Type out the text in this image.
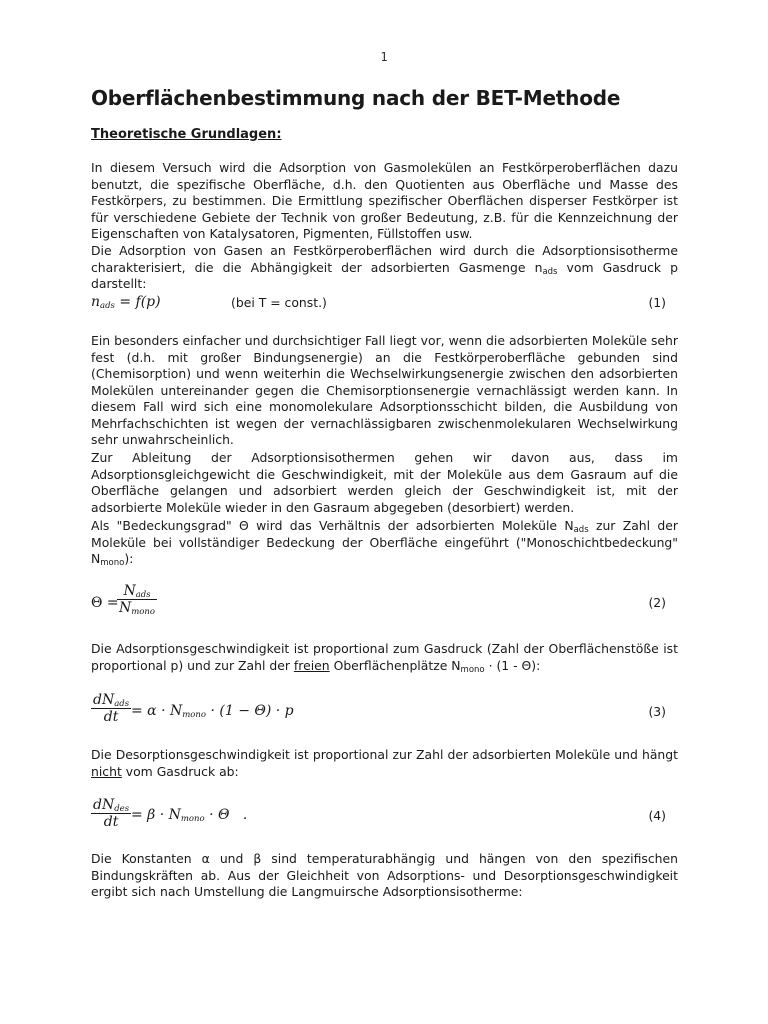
1
Oberflächenbestimmung nach der BET-Methode
Theoretische Grundlagen:

In diesem Versuch wird die Adsorption von Gasmolekülen an Festkörperoberflächen dazu benutzt, die spezifische Oberfläche, d.h. den Quotienten aus Oberfläche und Masse des Festkörpers, zu bestimmen. Die Ermittlung spezifischer Oberflächen disperser Festkörper ist für verschiedene Gebiete der Technik von großer Bedeutung, z.B. für die Kennzeichnung der Eigenschaften von Katalysatoren, Pigmenten, Füllstoffen usw.

Die Adsorption von Gasen an Festkörperoberflächen wird durch die Adsorptionsisotherme charakterisiert, die die Abhängigkeit der adsorbierten Gasmenge $n_{ads}$ vom Gasdruck p darstellt:

$n_{ads} = f(p)$	(bei T = const.)	(1)

Ein besonders einfacher und durchsichtiger Fall liegt vor, wenn die adsorbierten Moleküle sehr fest (d.h. mit großer Bindungsenergie) an die Festkörperoberfläche gebunden sind (Chemisorption) und wenn weiterhin die Wechselwirkungsenergie zwischen den adsorbierten Molekülen untereinander gegen die Chemisorptionsenergie vernachlässigt werden kann. In diesem Fall wird sich eine monomolekulare Adsorptionsschicht bilden, die Ausbildung von Mehrfachschichten ist wegen der vernachlässigbaren zwischenmolekularen Wechselwirkung sehr unwahrscheinlich.

Zur Ableitung der Adsorptionsisothermen gehen wir davon aus, dass im Adsorptionsgleichgewicht die Geschwindigkeit, mit der Moleküle aus dem Gasraum auf die Oberfläche gelangen und adsorbiert werden gleich der Geschwindigkeit ist, mit der adsorbierte Moleküle wieder in den Gasraum abgegeben (desorbiert) werden.

Als "Bedeckungsgrad" Θ wird das Verhältnis der adsorbierten Moleküle $N_{ads}$ zur Zahl der Moleküle bei vollständiger Bedeckung der Oberfläche eingeführt ("Monoschichtbedeckung" $N_{mono}$):

Θ =
$N_{ads}$
$N_{mono}$
(2)

Die Adsorptionsgeschwindigkeit ist proportional zum Gasdruck (Zahl der Oberflächenstöße ist proportional p) und zur Zahl der freien Oberflächenplätze $N_{mono} \cdot (1 - \Theta)$:

$dN_{ads}$
dt = $\alpha \cdot N_{mono} \cdot (1 - \Theta) \cdot p$	(3)

Die Desorptionsgeschwindigkeit ist proportional zur Zahl der adsorbierten Moleküle und hängt nicht vom Gasdruck ab:

$dN_{des}$
dt = $\beta \cdot N_{mono} \cdot \Theta$   .	(4)

Die Konstanten α und β sind temperaturabhängig und hängen von den spezifischen Bindungskräften ab. Aus der Gleichheit von Adsorptions- und Desorptionsgeschwindigkeit ergibt sich nach Umstellung die Langmuirsche Adsorptionsisotherme:
